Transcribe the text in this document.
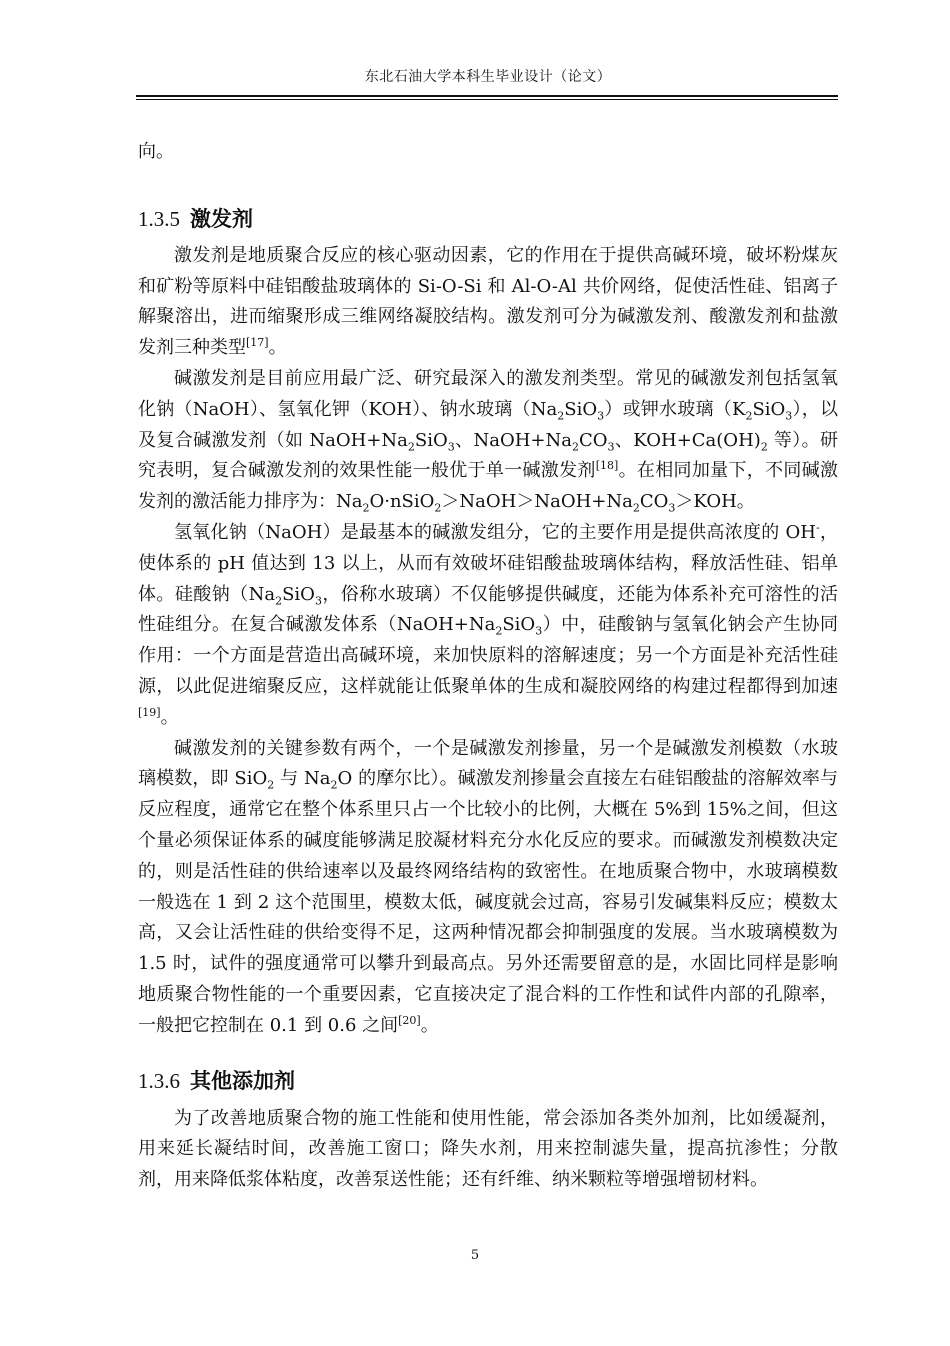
东北石油大学本科生毕业设计（论文）

向。

1.3.5 激发剂

激发剂是地质聚合反应的核心驱动因素，它的作用在于提供高碱环境，破坏粉煤灰和矿粉等原料中硅铝酸盐玻璃体的 Si-O-Si 和 Al-O-Al 共价网络，促使活性硅、铝离子解聚溶出，进而缩聚形成三维网络凝胶结构。激发剂可分为碱激发剂、酸激发剂和盐激发剂三种类型[17]。

碱激发剂是目前应用最广泛、研究最深入的激发剂类型。常见的碱激发剂包括氢氧化钠（NaOH）、氢氧化钾（KOH）、钠水玻璃$(Na_2SiO_3)$或钾水玻璃$(K_2SiO_3)$，以及复合碱激发剂（如 $NaOH+Na_2SiO_3$、$NaOH+Na_2CO_3$、$KOH+Ca(OH)_2$ 等）。研究表明，复合碱激发剂的效果性能一般优于单一碱激发剂[18]。在相同加量下，不同碱激发剂的激活能力排序为：$Na_2O\cdot nSiO_2>NaOH>NaOH+Na_2CO_3>KOH$。

氢氧化钠（NaOH）是最基本的碱激发组分，它的主要作用是提供高浓度的 OH-，使体系的 pH 值达到 13 以上，从而有效破坏硅铝酸盐玻璃体结构，释放活性硅、铝单体。硅酸钠（$Na_2SiO_3$，俗称水玻璃）不仅能够提供碱度，还能为体系补充可溶性的活性硅组分。在复合碱激发体系$(NaOH+Na_2SiO_3)$中，硅酸钠与氢氧化钠会产生协同作用：一个方面是营造出高碱环境，来加快原料的溶解速度；另一个方面是补充活性硅源，以此促进缩聚反应，这样就能让低聚单体的生成和凝胶网络的构建过程都得到加速[19]。

碱激发剂的关键参数有两个，一个是碱激发剂掺量，另一个是碱激发剂模数（水玻璃模数，即 SiO$_2$ 与 $Na_2O$ 的摩尔比）。碱激发剂掺量会直接左右硅铝酸盐的溶解效率与反应程度，通常它在整个体系里只占一个比较小的比例，大概在 5%到 15%之间，但这个量必须保证体系的碱度能够满足胶凝材料充分水化反应的要求。而碱激发剂模数决定的，则是活性硅的供给速率以及最终网络结构的致密性。在地质聚合物中，水玻璃模数一般选在 1 到 2 这个范围里，模数太低，碱度就会过高，容易引发碱集料反应；模数太高，又会让活性硅的供给变得不足，这两种情况都会抑制强度的发展。当水玻璃模数为 1.5 时，试件的强度通常可以攀升到最高点。另外还需要留意的是，水固比同样是影响地质聚合物性能的一个重要因素，它直接决定了混合料的工作性和试件内部的孔隙率，一般把它控制在 0.1 到 0.6 之间[20]。

1.3.6 其他添加剂

为了改善地质聚合物的施工性能和使用性能，常会添加各类外加剂，比如缓凝剂，用来延长凝结时间，改善施工窗口；降失水剂，用来控制滤失量，提高抗渗性；分散剂，用来降低浆体粘度，改善泵送性能；还有纤维、纳米颗粒等增强增韧材料。

5
